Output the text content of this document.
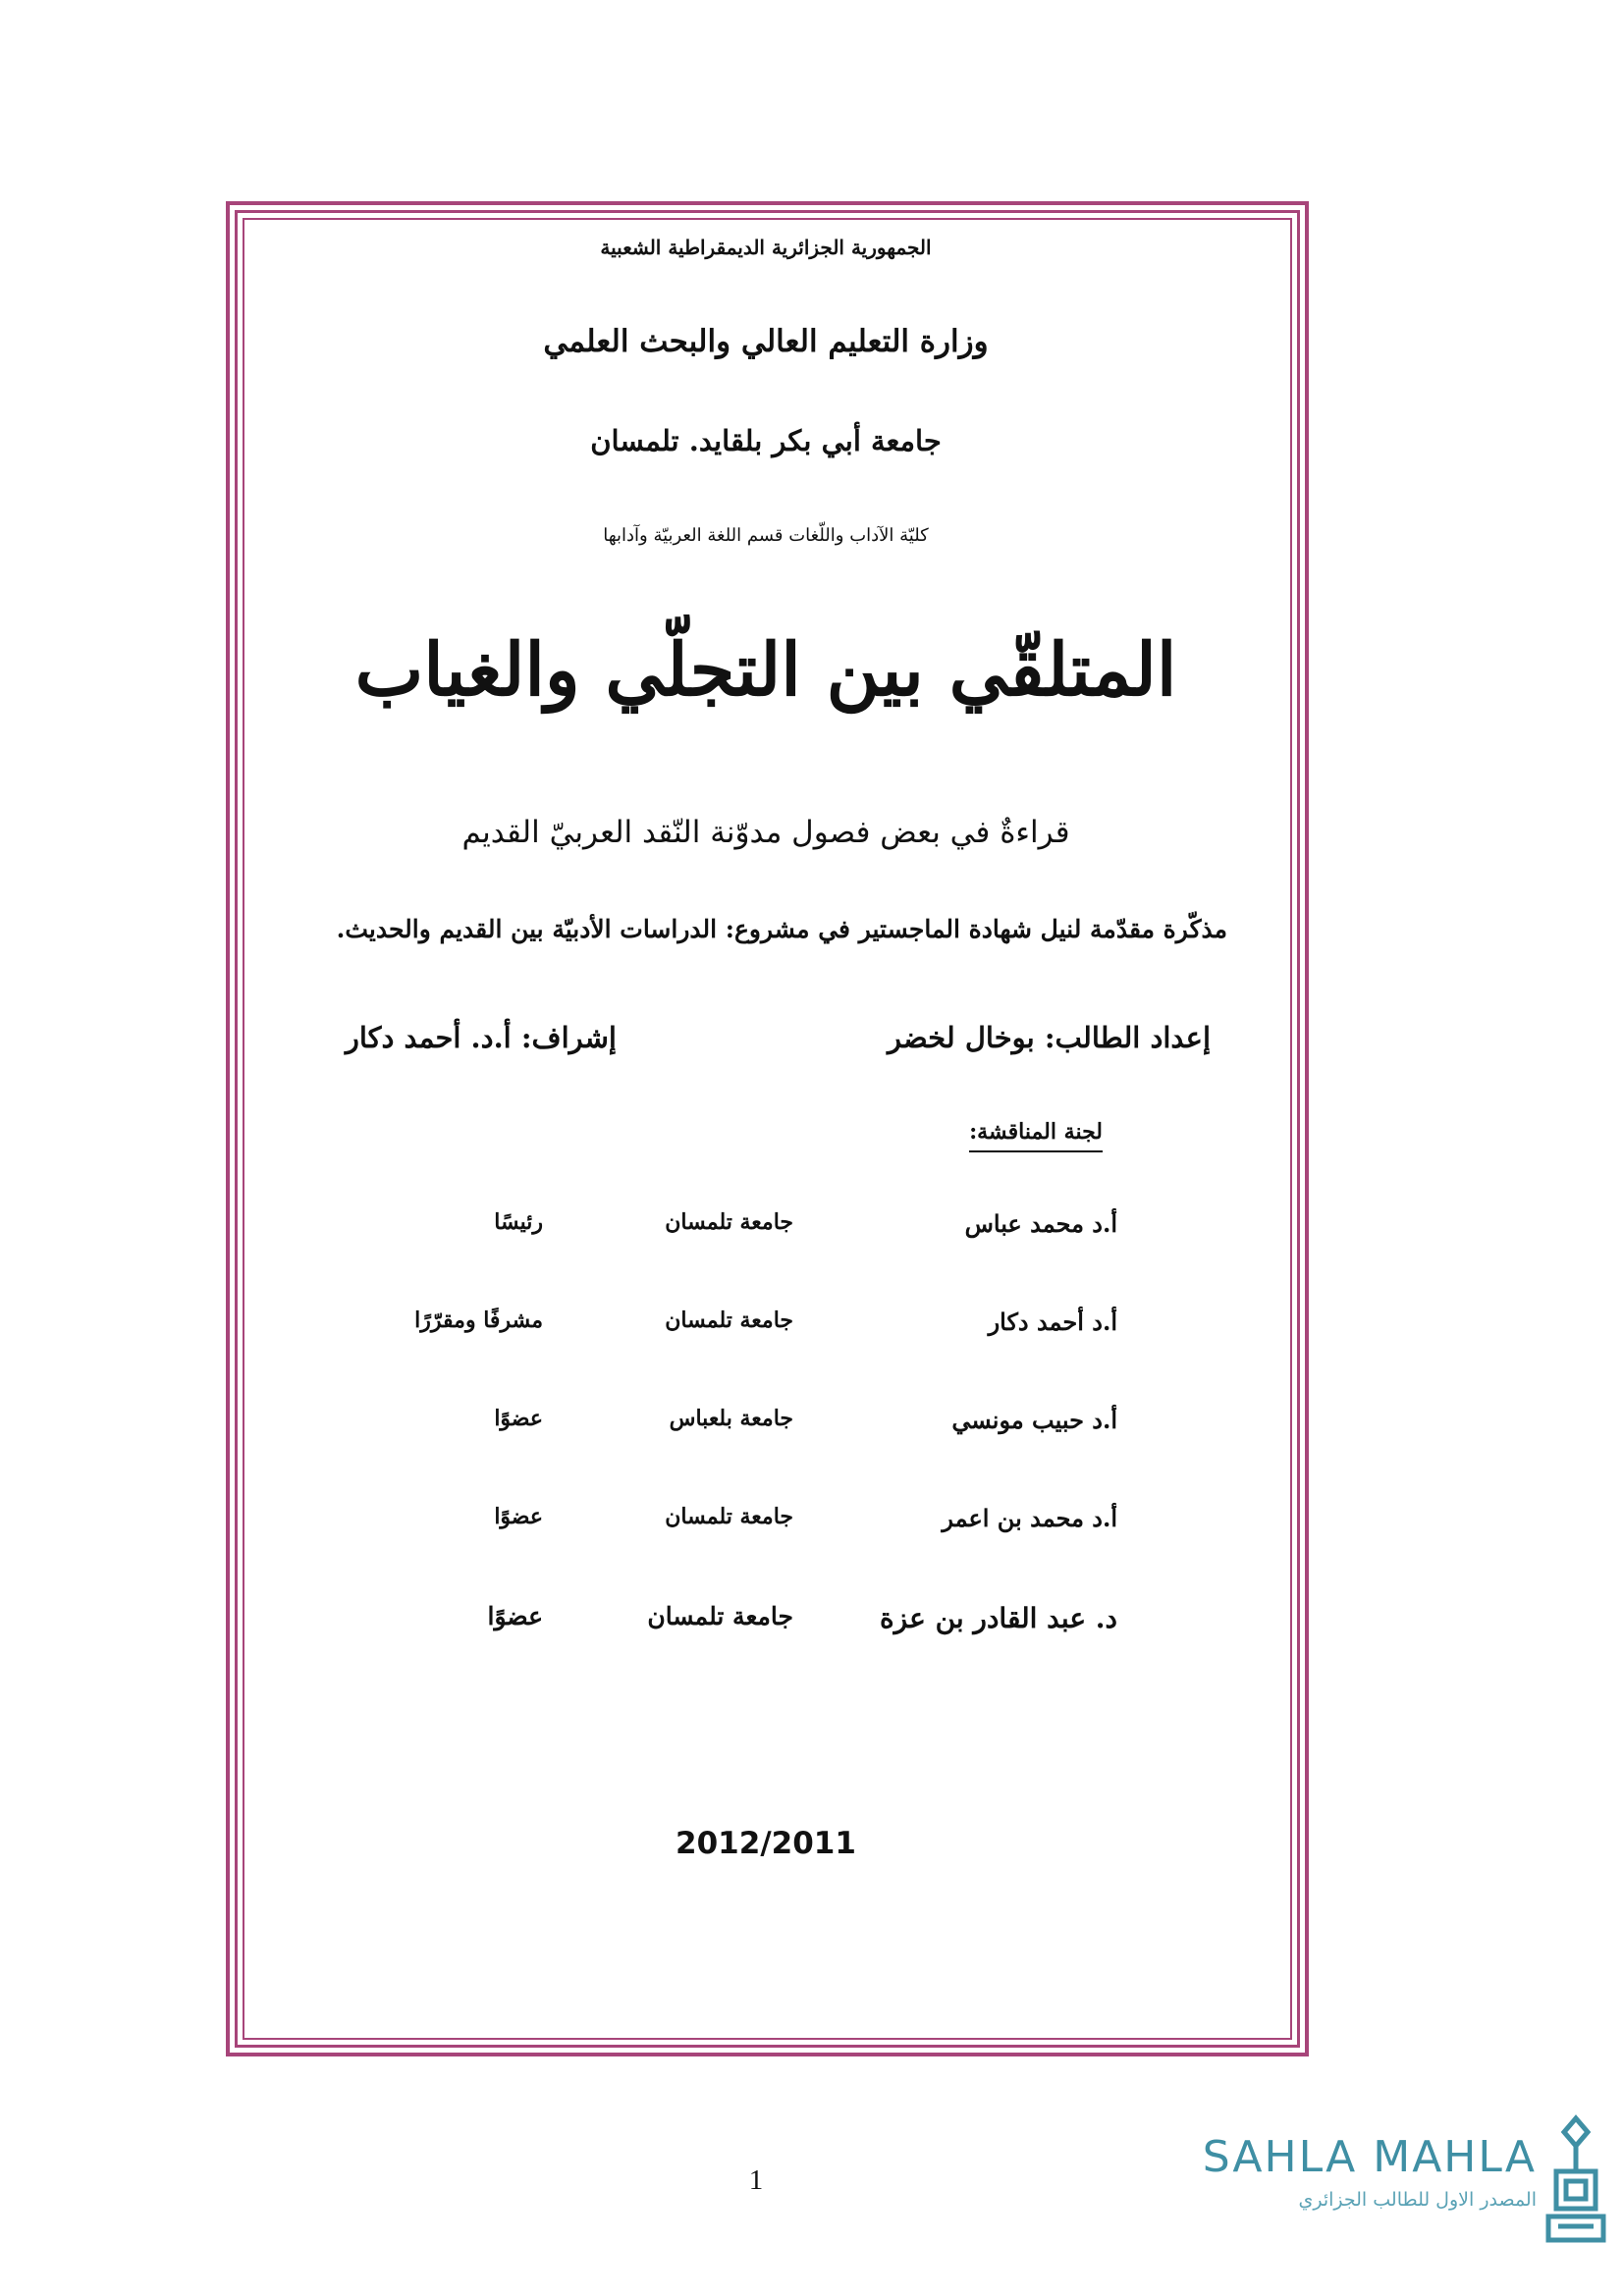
الجمهورية الجزائرية الديمقراطية الشعبية
وزارة التعليم العالي والبحث العلمي
جامعة أبي بكر بلقايد. تلمسان
كليّة الآداب واللّغات قسم اللغة العربيّة وآدابها
المتلقّي بين التجلّي والغياب
قراءةٌ في بعض فصول مدوّنة النّقد العربيّ القديم
مذكّرة مقدّمة لنيل شهادة الماجستير في مشروع: الدراسات الأدبيّة بين القديم والحديث.
إعداد الطالب: بوخال لخضر
إشراف: أ.د. أحمد دكار
لجنة المناقشة:
أ.د محمد عباس
جامعة تلمسان
رئيسًا
أ.د أحمد دكار
جامعة تلمسان
مشرفًا ومقرّرًا
أ.د حبيب مونسي
جامعة بلعباس
عضوًا
أ.د محمد بن اعمر
جامعة تلمسان
عضوًا
د. عبد القادر بن عزة
جامعة تلمسان
عضوًا
2012/2011
1	SAHLA MAHLA
المصدر الاول للطالب الجزائري
